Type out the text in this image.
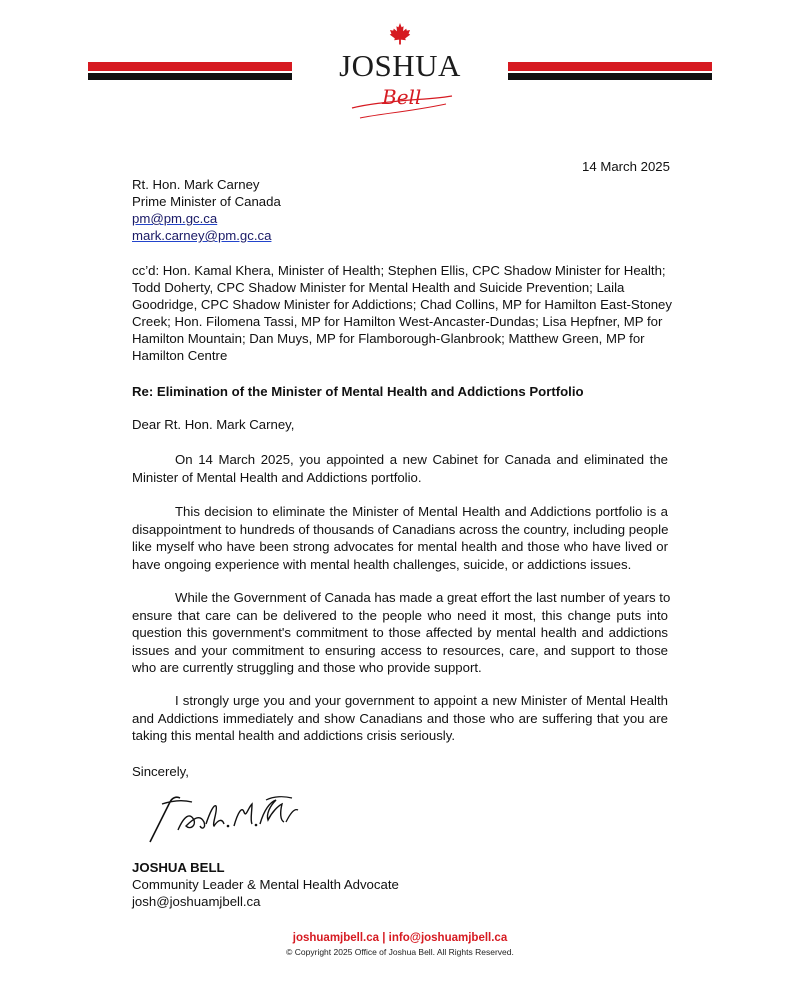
JOSHUA
Bell
14 March 2025
Rt. Hon. Mark Carney
Prime Minister of Canada
pm@pm.gc.ca
mark.carney@pm.gc.ca
cc’d: Hon. Kamal Khera, Minister of Health; Stephen Ellis, CPC Shadow Minister for Health; Todd Doherty, CPC Shadow Minister for Mental Health and Suicide Prevention; Laila Goodridge, CPC Shadow Minister for Addictions; Chad Collins, MP for Hamilton East-Stoney Creek; Hon. Filomena Tassi, MP for Hamilton West-Ancaster-Dundas; Lisa Hepfner, MP for Hamilton Mountain; Dan Muys, MP for Flamborough-Glanbrook; Matthew Green, MP for Hamilton Centre
Re: Elimination of the Minister of Mental Health and Addictions Portfolio
Dear Rt. Hon. Mark Carney,
On 14 March 2025, you appointed a new Cabinet for Canada and eliminated the
Minister of Mental Health and Addictions portfolio.
This decision to eliminate the Minister of Mental Health and Addictions portfolio is a
disappointment to hundreds of thousands of Canadians across the country, including people
like myself who have been strong advocates for mental health and those who have lived or
have ongoing experience with mental health challenges, suicide, or addictions issues.
While the Government of Canada has made a great effort the last number of years to
ensure that care can be delivered to the people who need it most, this change puts into
question this government's commitment to those affected by mental health and addictions
issues and your commitment to ensuring access to resources, care, and support to those
who are currently struggling and those who provide support.
I strongly urge you and your government to appoint a new Minister of Mental Health
and Addictions immediately and show Canadians and those who are suffering that you are
taking this mental health and addictions crisis seriously.
Sincerely,
JOSHUA BELL
Community Leader & Mental Health Advocate
josh@joshuamjbell.ca
joshuamjbell.ca | info@joshuamjbell.ca
© Copyright 2025 Office of Joshua Bell. All Rights Reserved.
